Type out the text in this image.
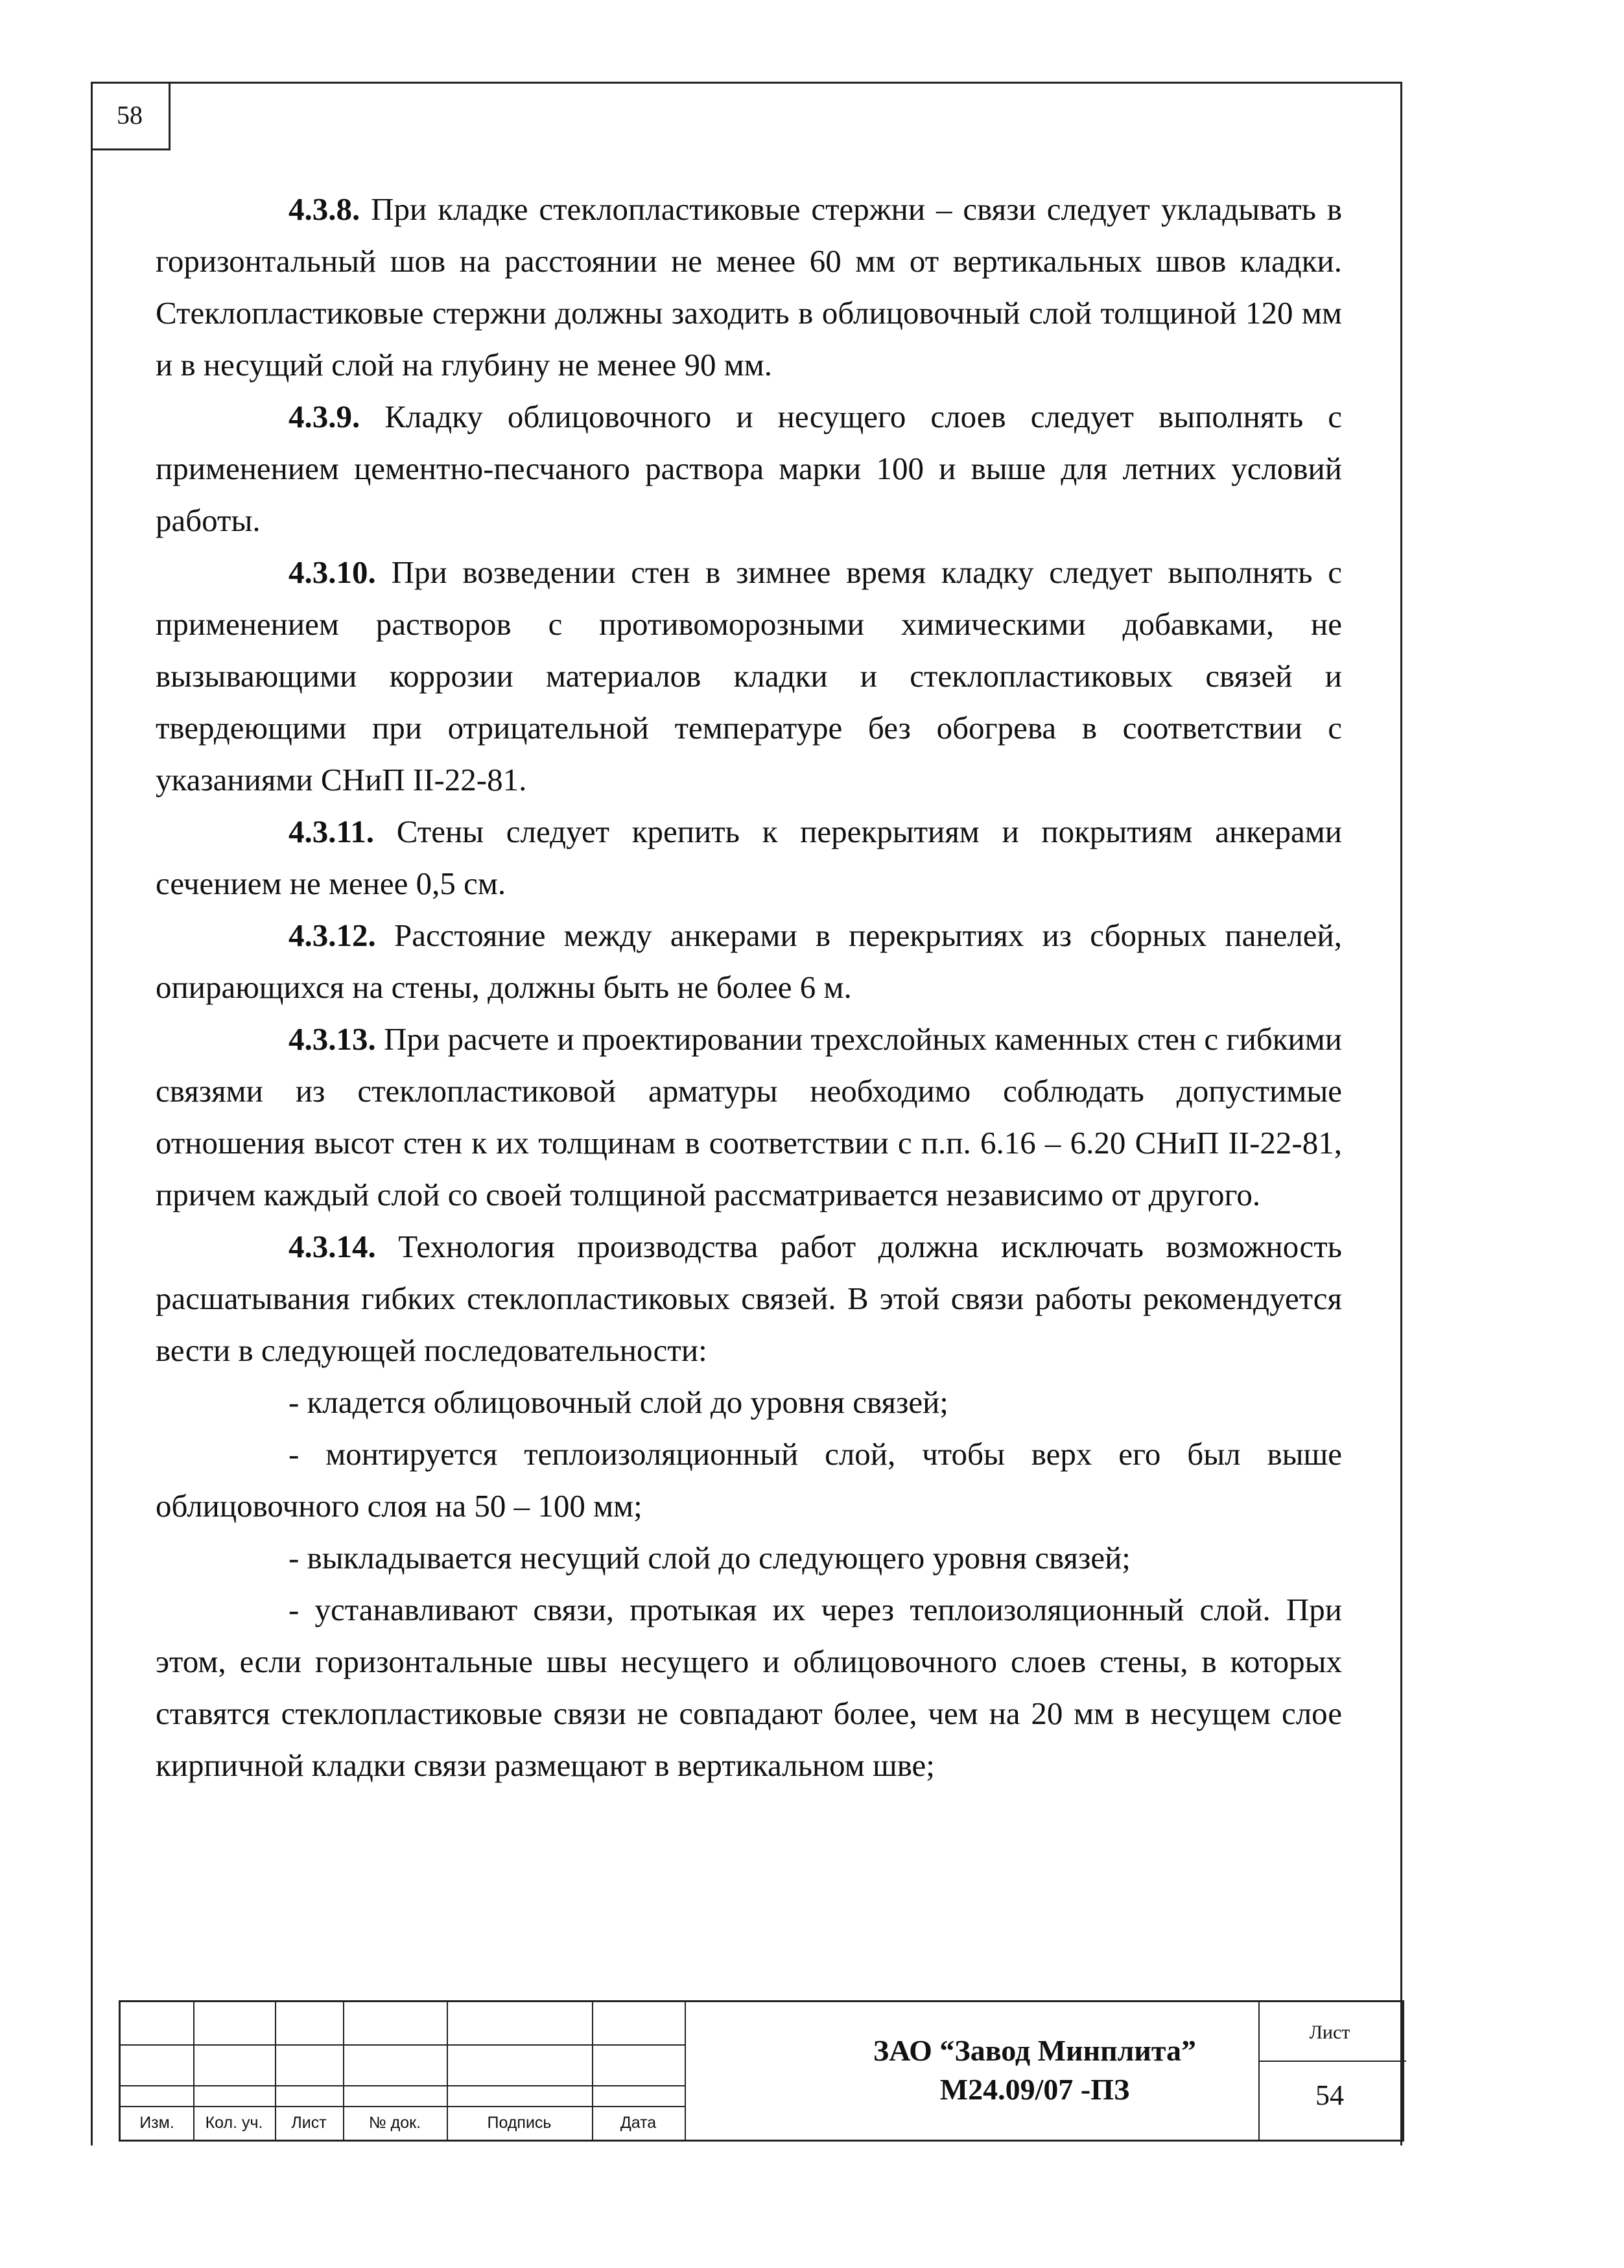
58

4.3.8. При кладке стеклопластиковые стержни – связи следует укладывать в горизонтальный шов на расстоянии не менее 60 мм от вертикальных швов кладки. Стеклопластиковые стержни должны заходить в облицовочный слой толщиной 120 мм и в несущий слой на глубину не менее 90 мм.

4.3.9. Кладку облицовочного и несущего слоев следует выполнять с применением цементно-песчаного раствора марки 100 и выше для летних условий работы.

4.3.10. При возведении стен в зимнее время кладку следует выполнять с применением растворов с противоморозными химическими добавками, не вызывающими коррозии материалов кладки и стеклопластиковых связей и твердеющими при отрицательной температуре без обогрева в соответствии с указаниями СНиП II-22-81.

4.3.11. Стены следует крепить к перекрытиям и покрытиям анкерами сечением не менее 0,5 см.

4.3.12. Расстояние между анкерами в перекрытиях из сборных панелей, опирающихся на стены, должны быть не более 6 м.

4.3.13. При расчете и проектировании трехслойных каменных стен с гибкими связями из стеклопластиковой арматуры необходимо соблюдать допустимые отношения высот стен к их толщинам в соответствии с п.п. 6.16 – 6.20 СНиП II-22-81, причем каждый слой со своей толщиной рассматривается независимо от другого.

4.3.14. Технология производства работ должна исключать возможность расшатывания гибких стеклопластиковых связей. В этой связи работы рекомендуется вести в следующей последовательности:

- кладется облицовочный слой до уровня связей;

- монтируется теплоизоляционный слой, чтобы верх его был выше облицовочного слоя на 50 – 100 мм;

- выкладывается несущий слой до следующего уровня связей;

- устанавливают связи, протыкая их через теплоизоляционный слой. При этом, если горизонтальные швы несущего и облицовочного слоев стены, в которых ставятся стеклопластиковые связи не совпадают более, чем на 20 мм в несущем слое кирпичной кладки связи размещают в вертикальном шве;

Изм.	Кол. уч.	Лист	№ док.	Подпись	Дата
ЗАО “Завод Минплита”
М24.09/07 -ПЗ
Лист
54
